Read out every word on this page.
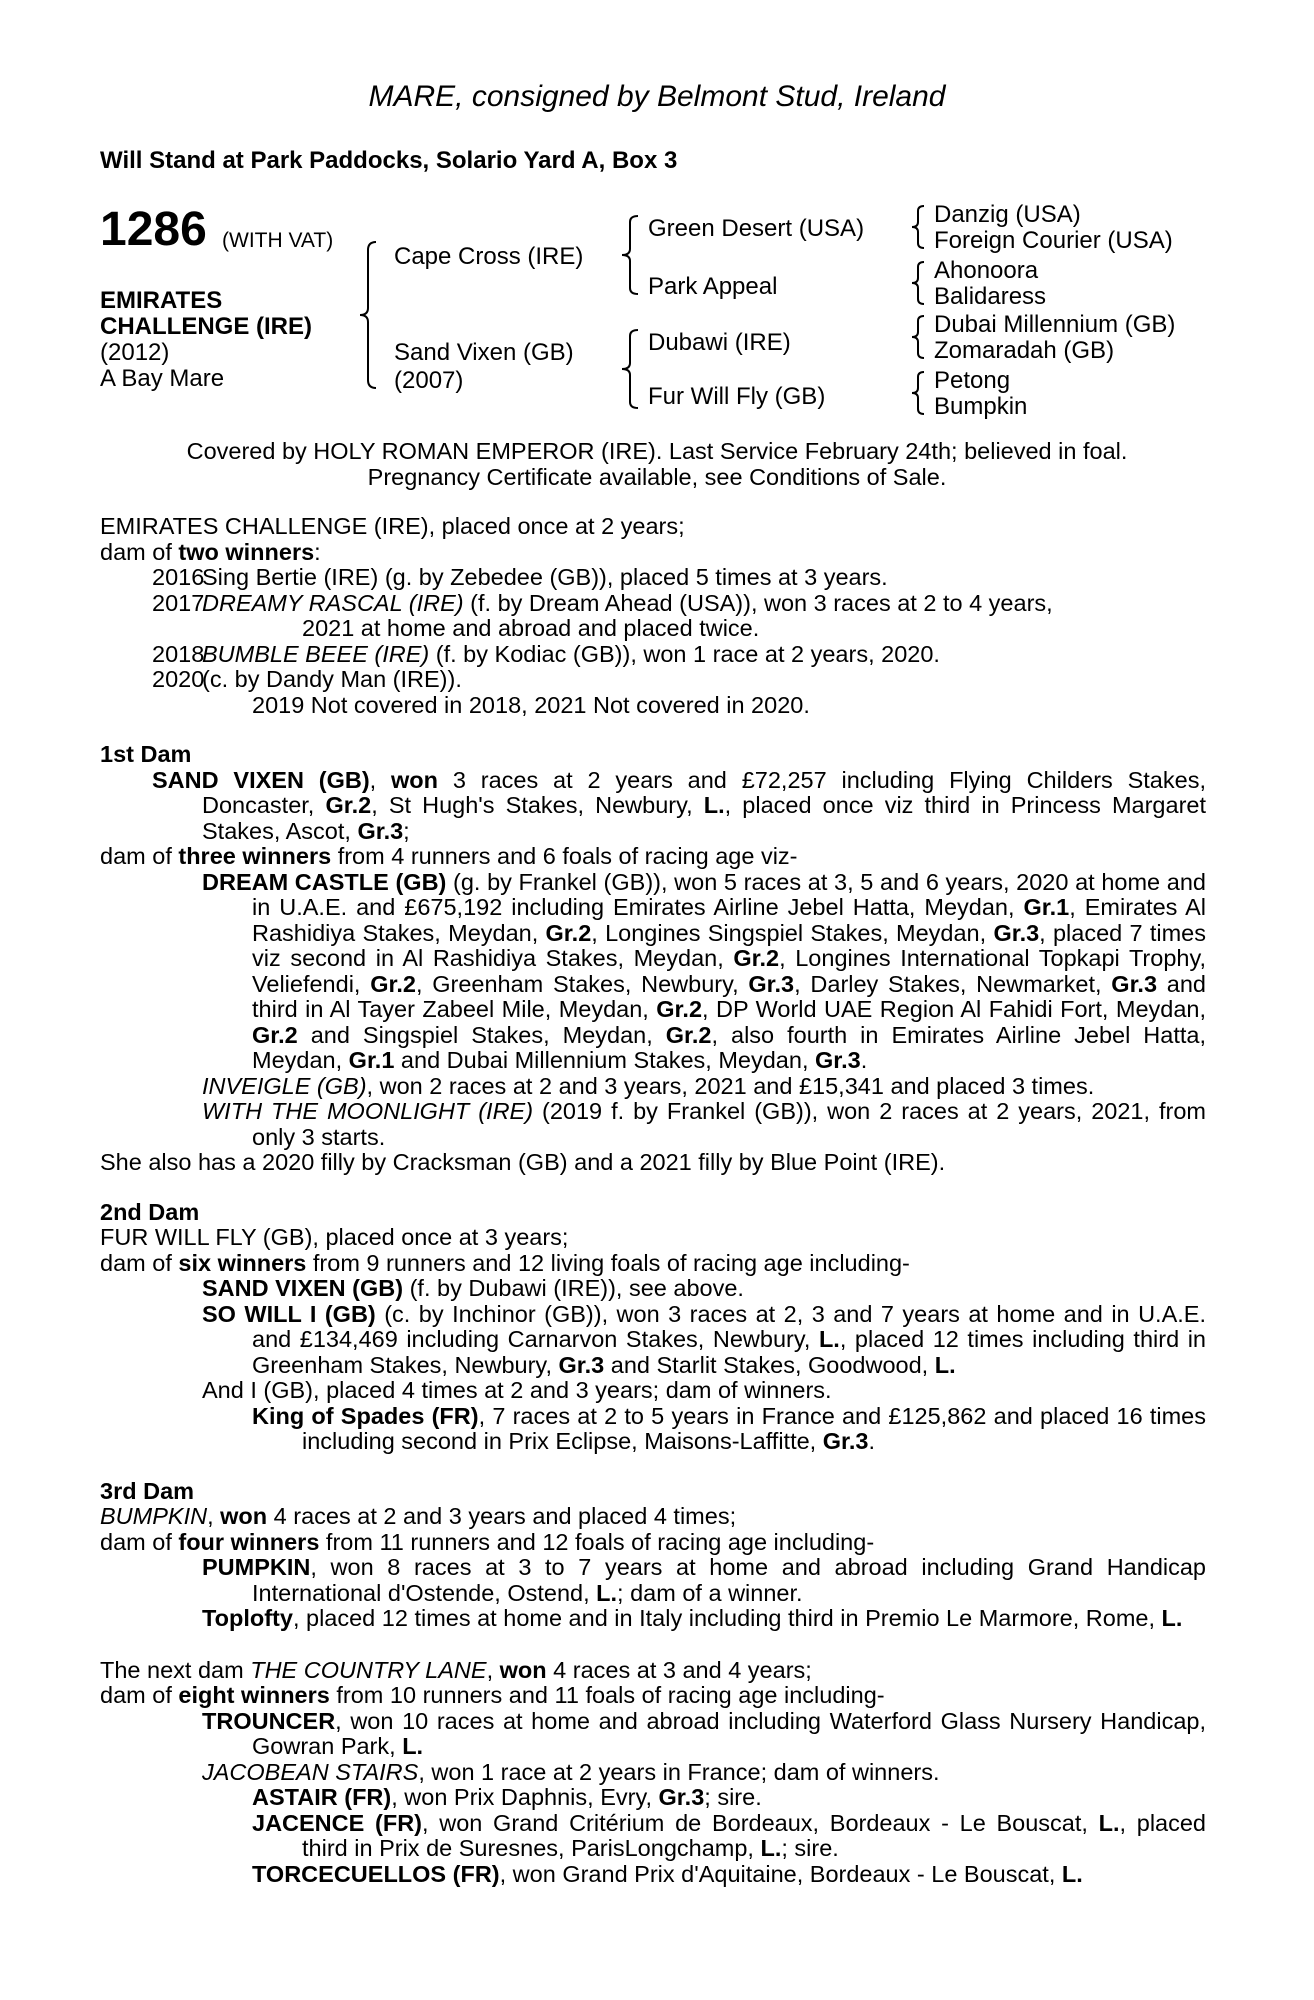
MARE, consigned by Belmont Stud, Ireland
Will Stand at Park Paddocks, Solario Yard A, Box 3
1286 (WITH VAT)
EMIRATES
CHALLENGE (IRE)
(2012)
A Bay Mare
Cape Cross (IRE)
Sand Vixen (GB)
(2007)
Green Desert (USA)
Park Appeal
Dubawi (IRE)
Fur Will Fly (GB)
Danzig (USA)
Foreign Courier (USA)
Ahonoora
Balidaress
Dubai Millennium (GB)
Zomaradah (GB)
Petong
Bumpkin
Covered by HOLY ROMAN EMPEROR (IRE). Last Service February 24th; believed in foal.
Pregnancy Certificate available, see Conditions of Sale.
EMIRATES CHALLENGE (IRE), placed once at 2 years;
dam of two winners:
2016
Sing Bertie (IRE) (g. by Zebedee (GB)), placed 5 times at 3 years.
2017
DREAMY RASCAL (IRE) (f. by Dream Ahead (USA)), won 3 races at 2 to 4 years,
2021 at home and abroad and placed twice.
2018
BUMBLE BEEE (IRE) (f. by Kodiac (GB)), won 1 race at 2 years, 2020.
2020
(c. by Dandy Man (IRE)).
2019 Not covered in 2018, 2021 Not covered in 2020.
1st Dam
SAND VIXEN (GB), won 3 races at 2 years and £72,257 including Flying Childers Stakes, Doncaster, Gr.2, St Hugh's Stakes, Newbury, L., placed once viz third in Princess Margaret Stakes, Ascot, Gr.3;
dam of three winners from 4 runners and 6 foals of racing age viz-
DREAM CASTLE (GB) (g. by Frankel (GB)), won 5 races at 3, 5 and 6 years, 2020 at home and in U.A.E. and £675,192 including Emirates Airline Jebel Hatta, Meydan, Gr.1, Emirates Al Rashidiya Stakes, Meydan, Gr.2, Longines Singspiel Stakes, Meydan, Gr.3, placed 7 times viz second in Al Rashidiya Stakes, Meydan, Gr.2, Longines International Topkapi Trophy, Veliefendi, Gr.2, Greenham Stakes, Newbury, Gr.3, Darley Stakes, Newmarket, Gr.3 and third in Al Tayer Zabeel Mile, Meydan, Gr.2, DP World UAE Region Al Fahidi Fort, Meydan, Gr.2 and Singspiel Stakes, Meydan, Gr.2, also fourth in Emirates Airline Jebel Hatta, Meydan, Gr.1 and Dubai Millennium Stakes, Meydan, Gr.3.
INVEIGLE (GB), won 2 races at 2 and 3 years, 2021 and £15,341 and placed 3 times.
WITH THE MOONLIGHT (IRE) (2019 f. by Frankel (GB)), won 2 races at 2 years, 2021, from only 3 starts.
She also has a 2020 filly by Cracksman (GB) and a 2021 filly by Blue Point (IRE).
2nd Dam
FUR WILL FLY (GB), placed once at 3 years;
dam of six winners from 9 runners and 12 living foals of racing age including-
SAND VIXEN (GB) (f. by Dubawi (IRE)), see above.
SO WILL I (GB) (c. by Inchinor (GB)), won 3 races at 2, 3 and 7 years at home and in U.A.E. and £134,469 including Carnarvon Stakes, Newbury, L., placed 12 times including third in Greenham Stakes, Newbury, Gr.3 and Starlit Stakes, Goodwood, L.
And I (GB), placed 4 times at 2 and 3 years; dam of winners.
King of Spades (FR), 7 races at 2 to 5 years in France and £125,862 and placed 16 times including second in Prix Eclipse, Maisons-Laffitte, Gr.3.
3rd Dam
BUMPKIN, won 4 races at 2 and 3 years and placed 4 times;
dam of four winners from 11 runners and 12 foals of racing age including-
PUMPKIN, won 8 races at 3 to 7 years at home and abroad including Grand Handicap International d'Ostende, Ostend, L.; dam of a winner.
Toplofty, placed 12 times at home and in Italy including third in Premio Le Marmore, Rome, L.
The next dam THE COUNTRY LANE, won 4 races at 3 and 4 years;
dam of eight winners from 10 runners and 11 foals of racing age including-
TROUNCER, won 10 races at home and abroad including Waterford Glass Nursery Handicap, Gowran Park, L.
JACOBEAN STAIRS, won 1 race at 2 years in France; dam of winners.
ASTAIR (FR), won Prix Daphnis, Evry, Gr.3; sire.
JACENCE (FR), won Grand Critérium de Bordeaux, Bordeaux - Le Bouscat, L., placed third in Prix de Suresnes, ParisLongchamp, L.; sire.
TORCECUELLOS (FR), won Grand Prix d'Aquitaine, Bordeaux - Le Bouscat, L.
